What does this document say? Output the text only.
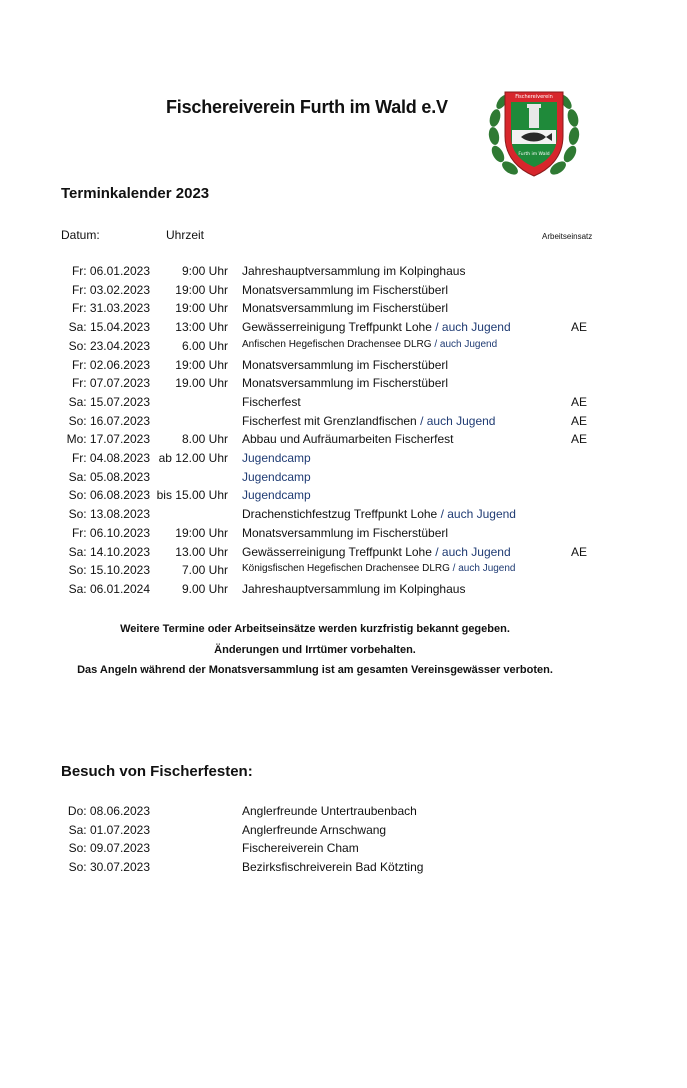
Fischereiverein Furth im Wald e.V	Fischereiverein
Furth im Wald
Terminkalender 2023
Datum:	Uhrzeit	Arbeitseinsatz
Fr: 06.01.2023	9:00 Uhr Jahreshauptversammlung im Kolpinghaus
Fr: 03.02.2023	19:00 Uhr Monatsversammlung im Fischerstüberl
Fr: 31.03.2023	19:00 Uhr Monatsversammlung im Fischerstüberl
Sa: 15.04.2023	13:00 Uhr Gewässerreinigung Treffpunkt Lohe / auch Jugend	AE
So: 23.04.2023	6.00 Uhr Anfischen Hegefischen Drachensee DLRG / auch Jugend
Fr: 02.06.2023	19:00 Uhr Monatsversammlung im Fischerstüberl
Fr: 07.07.2023	19.00 Uhr Monatsversammlung im Fischerstüberl
Sa: 15.07.2023	Fischerfest	AE
So: 16.07.2023	Fischerfest mit Grenzlandfischen / auch Jugend	AE
Mo: 17.07.2023	8.00 Uhr Abbau und Aufräumarbeiten Fischerfest	AE
Fr: 04.08.2023 ab 12.00 Uhr Jugendcamp
Sa: 05.08.2023	Jugendcamp
So: 06.08.2023 bis 15.00 Uhr Jugendcamp
So: 13.08.2023	Drachenstichfestzug Treffpunkt Lohe / auch Jugend
Fr: 06.10.2023	19:00 Uhr Monatsversammlung im Fischerstüberl
Sa: 14.10.2023	13.00 Uhr Gewässerreinigung Treffpunkt Lohe / auch Jugend	AE
So: 15.10.2023	7.00 Uhr Königsfischen Hegefischen Drachensee DLRG / auch Jugend
Sa: 06.01.2024	9.00 Uhr Jahreshauptversammlung im Kolpinghaus
Weitere Termine oder Arbeitseinsätze werden kurzfristig bekannt gegeben.
Änderungen und Irrtümer vorbehalten.
Das Angeln während der Monatsversammlung ist am gesamten Vereinsgewässer verboten.
Besuch von Fischerfesten:
Do: 08.06.2023	Anglerfreunde Untertraubenbach
Sa: 01.07.2023	Anglerfreunde Arnschwang
So: 09.07.2023	Fischereiverein Cham
So: 30.07.2023	Bezirksfischreiverein Bad Kötzting
